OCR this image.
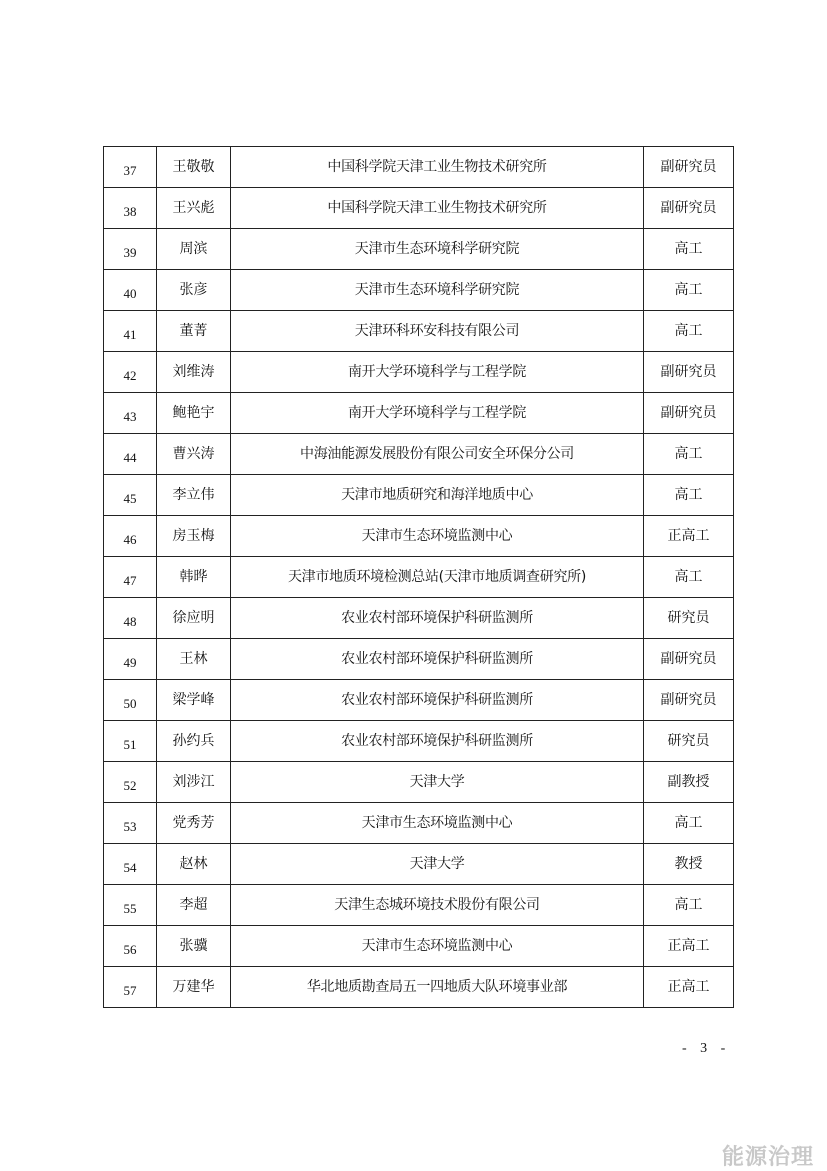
37	王敬敬	中国科学院天津工业生物技术研究所	副研究员
38	王兴彪	中国科学院天津工业生物技术研究所	副研究员
39	周滨	天津市生态环境科学研究院	高工
40	张彦	天津市生态环境科学研究院	高工
41	董菁	天津环科环安科技有限公司	高工
42	刘维涛	南开大学环境科学与工程学院	副研究员
43	鲍艳宇	南开大学环境科学与工程学院	副研究员
44	曹兴涛	中海油能源发展股份有限公司安全环保分公司	高工
45	李立伟	天津市地质研究和海洋地质中心	高工
46	房玉梅	天津市生态环境监测中心	正高工
47	韩晔	天津市地质环境检测总站(天津市地质调查研究所)	高工
48	徐应明	农业农村部环境保护科研监测所	研究员
49	王林	农业农村部环境保护科研监测所	副研究员
50	梁学峰	农业农村部环境保护科研监测所	副研究员
51	孙约兵	农业农村部环境保护科研监测所	研究员
52	刘涉江	天津大学	副教授
53	党秀芳	天津市生态环境监测中心	高工
54	赵林	天津大学	教授
55	李超	天津生态城环境技术股份有限公司	高工
56	张骥	天津市生态环境监测中心	正高工
57	万建华	华北地质勘查局五一四地质大队环境事业部	正高工
- 3 -
能源治理
